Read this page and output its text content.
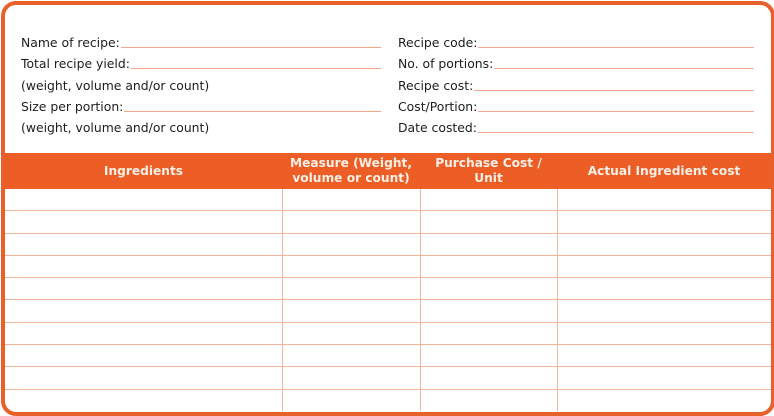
Name of recipe:
Total recipe yield:
(weight, volume and/or count)
Size per portion:
(weight, volume and/or count)
Recipe code:
No. of portions:
Recipe cost:
Cost/Portion:
Date costed:
Ingredients	Measure (Weight, volume or count)	Purchase Cost / Unit	Actual Ingredient cost
